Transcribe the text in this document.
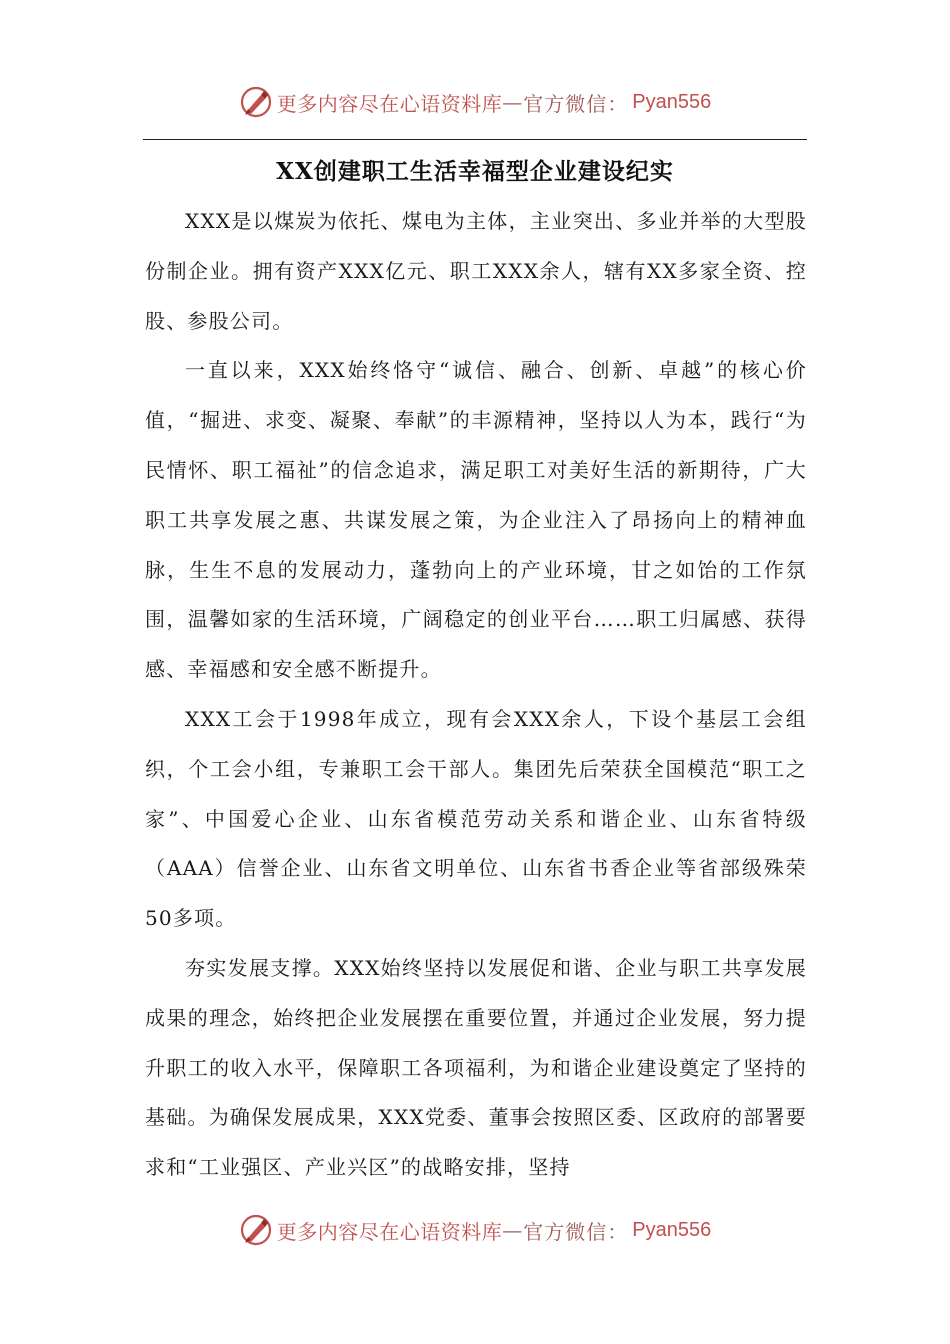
更多内容尽在心语资料库 — 官方微信： Pyan556
XX创建职工生活幸福型企业建设纪实

XXX是以煤炭为依托、煤电为主体，主业突出、多业并举的大型股份制企业。拥有资产XXX亿元、职工XXX余人，辖有XX多家全资、控股、参股公司。

一直以来，XXX始终恪守“诚信、融合、创新、卓越”的核心价值，“掘进、求变、凝聚、奉献”的丰源精神，坚持以人为本，践行“为民情怀、职工福祉”的信念追求，满足职工对美好生活的新期待，广大职工共享发展之惠、共谋发展之策，为企业注入了昂扬向上的精神血脉，生生不息的发展动力，蓬勃向上的产业环境，甘之如饴的工作氛围，温馨如家的生活环境，广阔稳定的创业平台……职工归属感、获得感、幸福感和安全感不断提升。

XXX工会于1998年成立，现有会XXX余人，下设个基层工会组织，个工会小组，专兼职工会干部人。集团先后荣获全国模范“职工之家”、中国爱心企业、山东省模范劳动关系和谐企业、山东省特级（AAA）信誉企业、山东省文明单位、山东省书香企业等省部级殊荣50多项。

夯实发展支撑。XXX始终坚持以发展促和谐、企业与职工共享发展成果的理念，始终把企业发展摆在重要位置，并通过企业发展，努力提升职工的收入水平，保障职工各项福利，为和谐企业建设奠定了坚持的基础。为确保发展成果，XXX党委、董事会按照区委、区政府的部署要求和“工业强区、产业兴区”的战略安排，坚持

更多内容尽在心语资料库 — 官方微信： Pyan556
